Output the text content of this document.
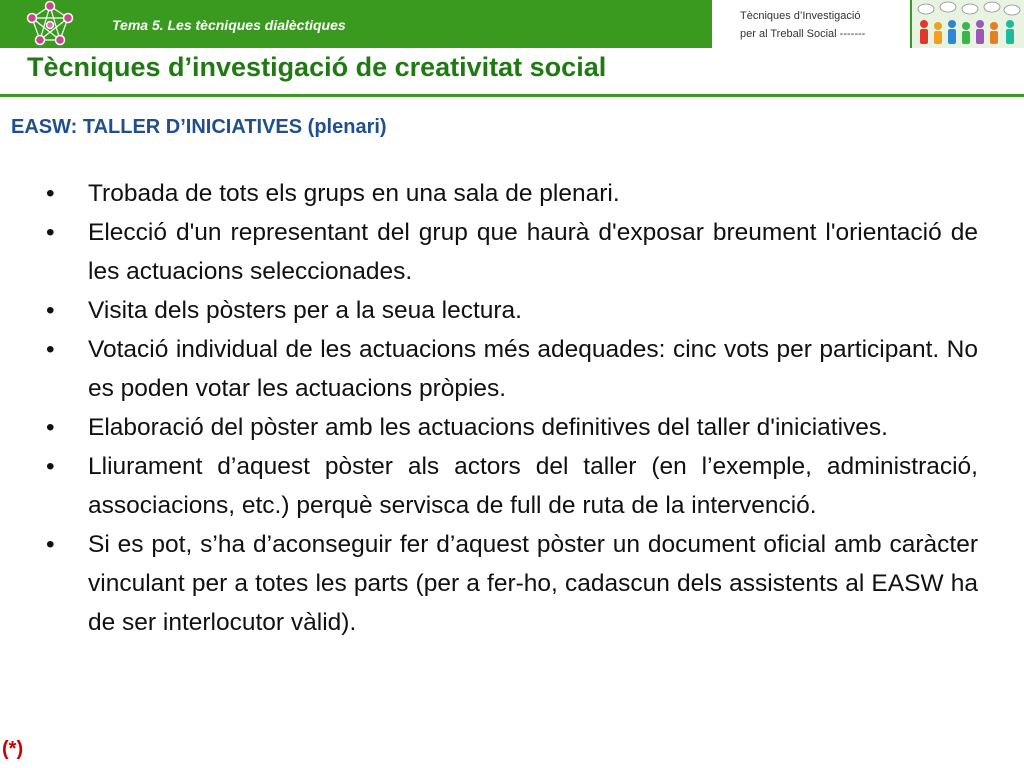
Tema 5. Les tècniques dialèctiques
Tècniques d’Investigació
per al Treball Social -------
Tècniques d’investigació de creativitat social
EASW: TALLER D’INICIATIVES (plenari)
• Trobada de tots els grups en una sala de plenari.
• Elecció d'un representant del grup que haurà d'exposar breument l'orientació de les actuacions seleccionades.
• Visita dels pòsters per a la seua lectura.
• Votació individual de les actuacions més adequades: cinc vots per participant. No es poden votar les actuacions pròpies.
• Elaboració del pòster amb les actuacions definitives del taller d'iniciatives.
• Lliurament d’aquest pòster als actors del taller (en l’exemple, administració, associacions, etc.) perquè servisca de full de ruta de la intervenció.
• Si es pot, s’ha d’aconseguir fer d’aquest pòster un document oficial amb caràcter vinculant per a totes les parts (per a fer-ho, cadascun dels assistents al EASW ha de ser interlocutor vàlid).
(*)
